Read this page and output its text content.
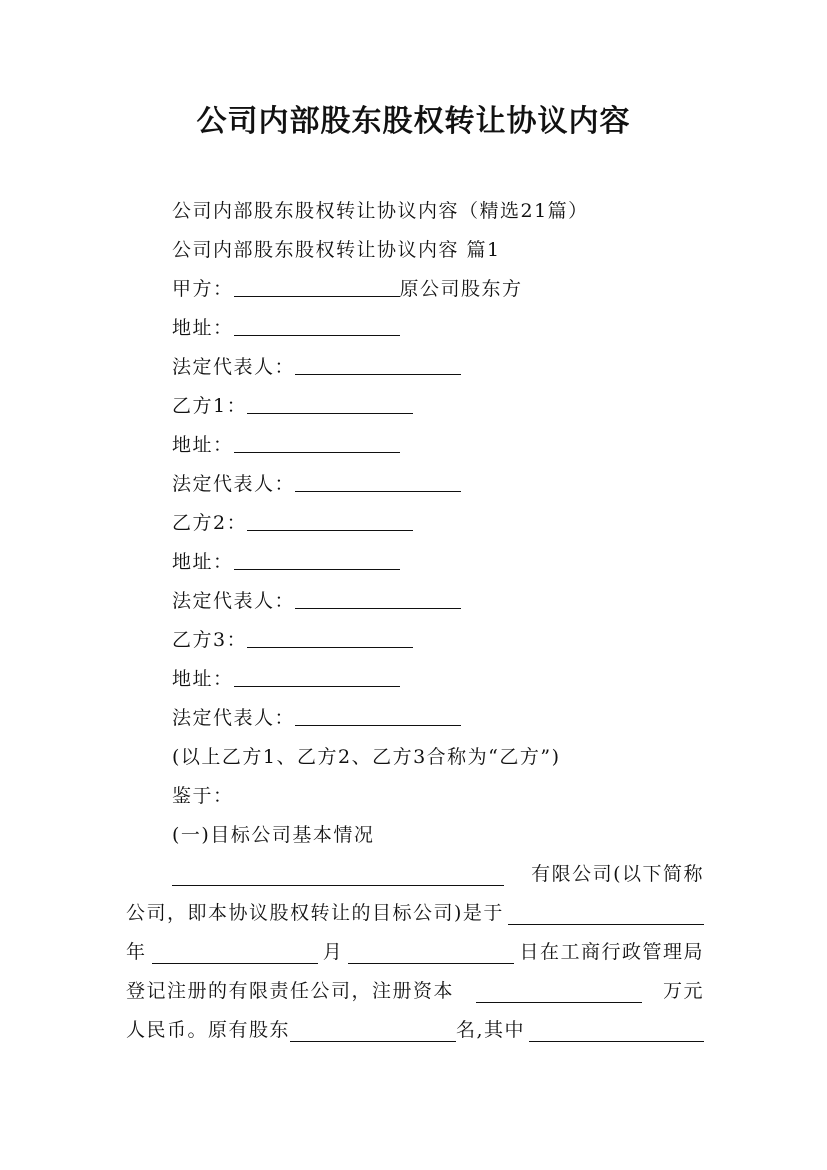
公司内部股东股权转让协议内容
公司内部股东股权转让协议内容（精选21篇）
公司内部股东股权转让协议内容 篇1
甲方：	原公司股东方
地址：
法定代表人：
乙方1：
地址：
法定代表人：
乙方2：
地址：
法定代表人：
乙方3：
地址：
法定代表人：
(以上乙方1、乙方2、乙方3合称为“乙方”)
鉴于：
(一)目标公司基本情况
有限公司(以下简称
公司，即本协议股权转让的目标公司)是于
年	月	日在工商行政管理局
登记注册的有限责任公司，注册资本	万元
人民币。原有股东	名,其中
